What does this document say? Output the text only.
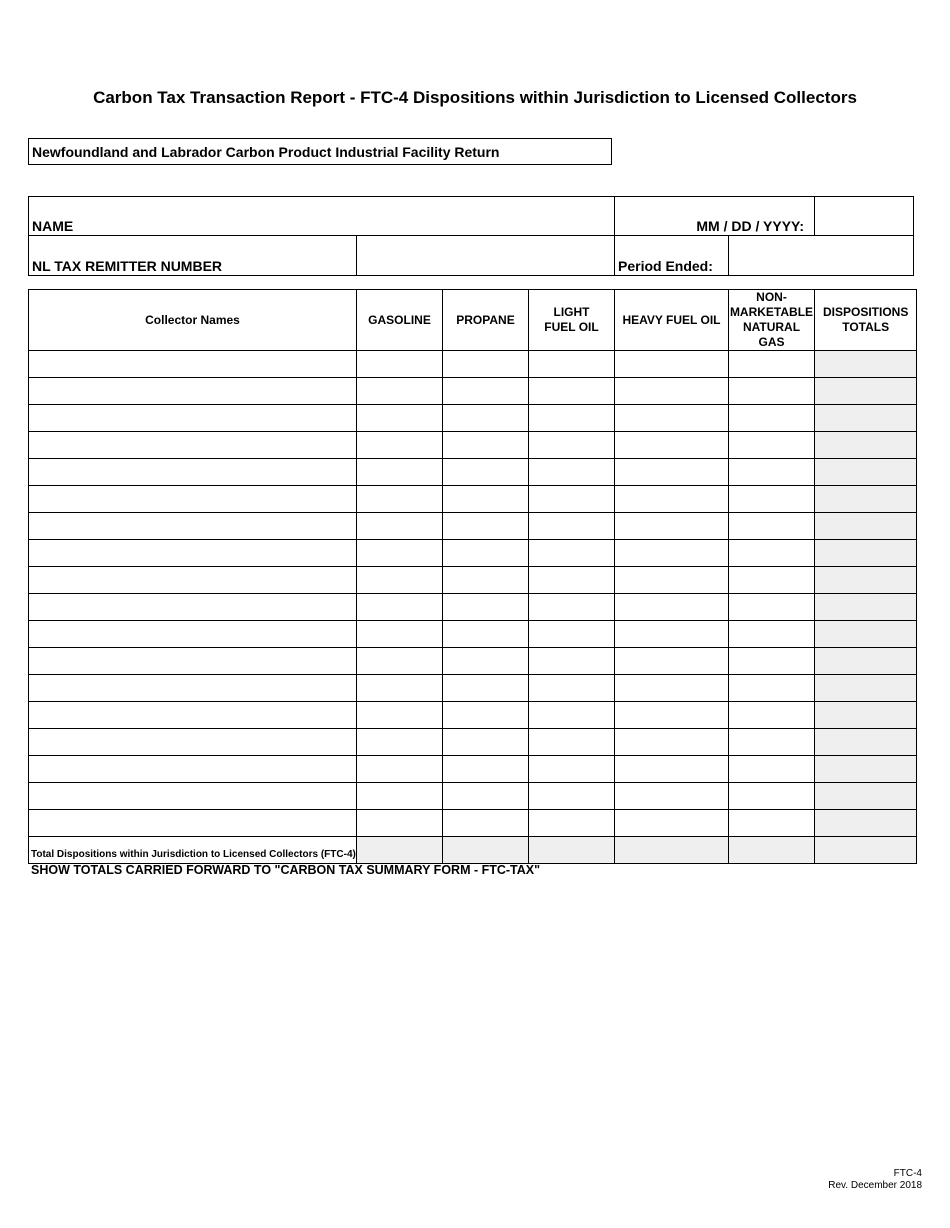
Carbon Tax Transaction Report - FTC-4 Dispositions within Jurisdiction to Licensed Collectors
Newfoundland and Labrador Carbon Product Industrial Facility Return
NAME		MM / DD / YYYY:		
NL TAX REMITTER NUMBER		Period Ended:		
Collector Names	GASOLINE	PROPANE	LIGHT FUEL OIL	HEAVY FUEL OIL	NON-MARKETABLE NATURAL GAS	DISPOSITIONS TOTALS

Total Dispositions within Jurisdiction to Licensed Collectors (FTC-4)						
SHOW TOTALS CARRIED FORWARD TO "CARBON TAX SUMMARY FORM - FTC-TAX"
FTC-4
Rev. December 2018
